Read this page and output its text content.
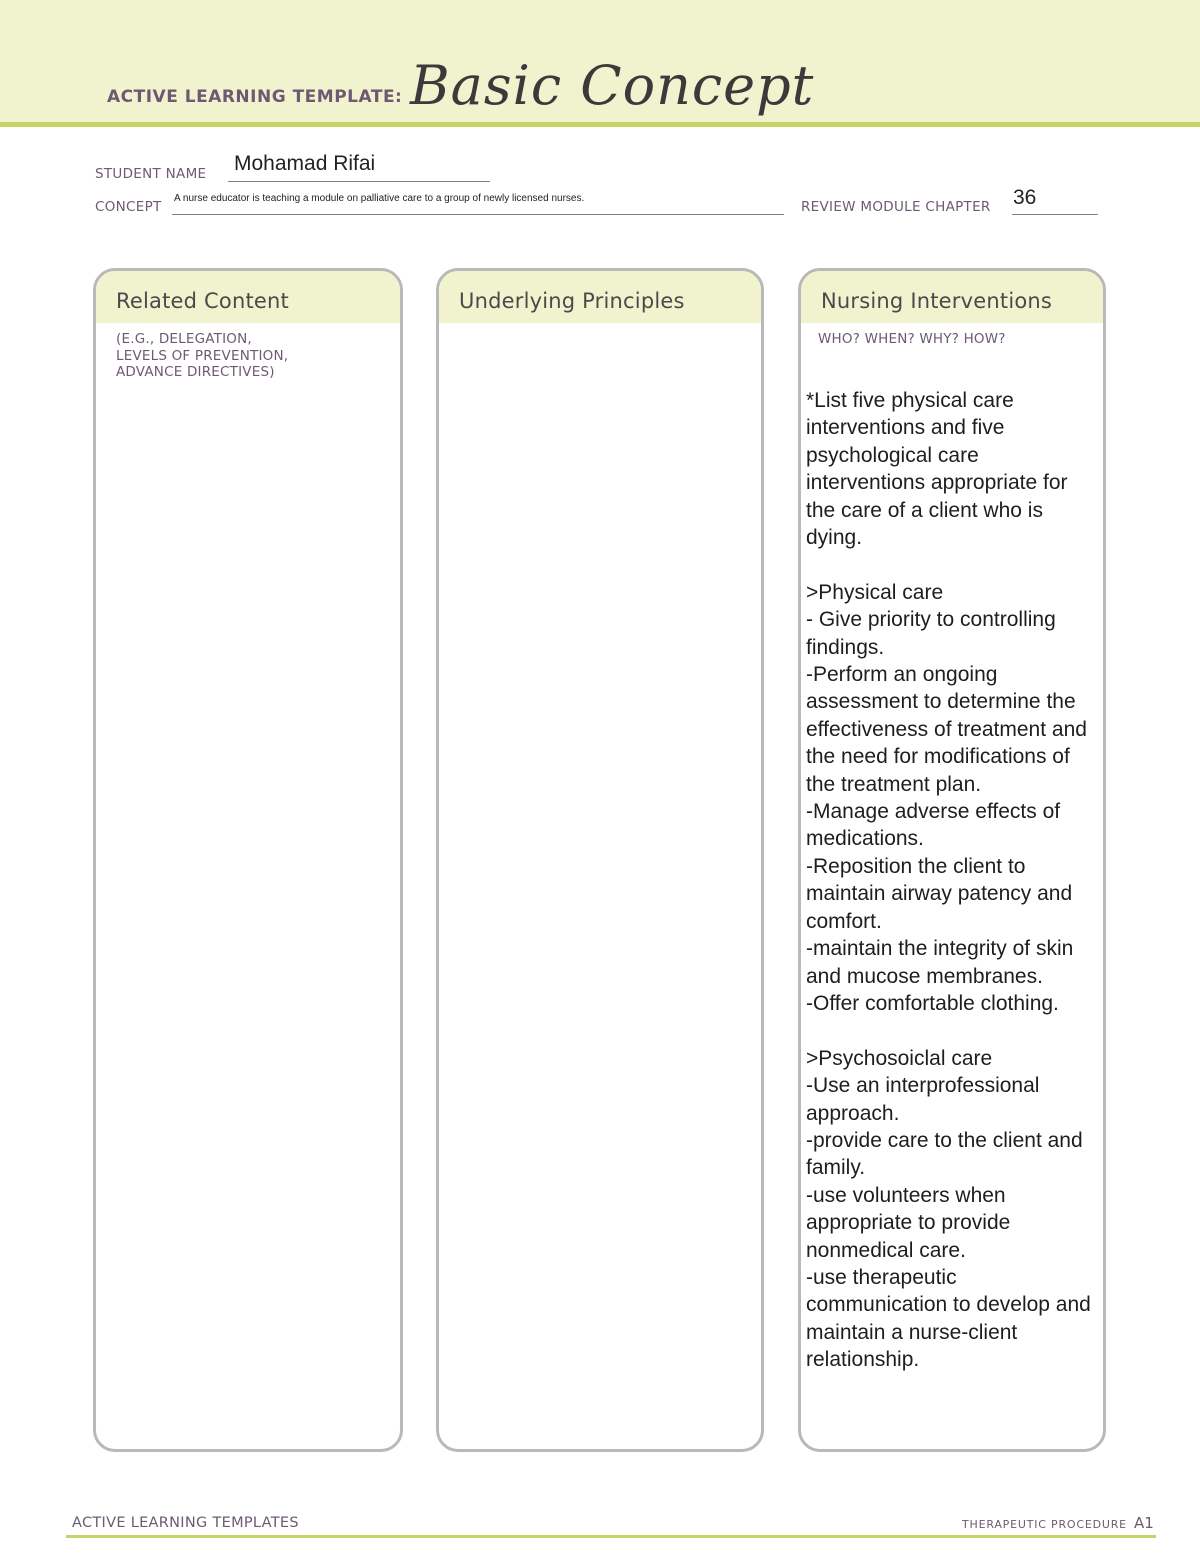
ACTIVE LEARNING TEMPLATE: Basic Concept
STUDENT NAME Mohamad Rifai
CONCEPT
A nurse educator is teaching a module on palliative care to a group of newly licensed nurses.
REVIEW MODULE CHAPTER 36
Related Content
(E.G., DELEGATION,
LEVELS OF PREVENTION,
ADVANCE DIRECTIVES)
Underlying Principles	Nursing Interventions
WHO? WHEN? WHY? HOW?

*List five physical care interventions and five psychological care interventions appropriate for the care of a client who is dying.

>Physical care

- Give priority to controlling findings.

-Perform an ongoing assessment to determine the effectiveness of treatment and the need for modifications of the treatment plan.

-Manage adverse effects of medications.

-Reposition the client to maintain airway patency and comfort.

-maintain the integrity of skin and mucose membranes.

-Offer comfortable clothing.

>Psychosoiclal care

-Use an interprofessional approach.

-provide care to the client and family.

-use volunteers when appropriate to provide nonmedical care.

-use therapeutic communication to develop and maintain a nurse-client relationship.

ACTIVE LEARNING TEMPLATES	THERAPEUTIC PROCEDURE A1
